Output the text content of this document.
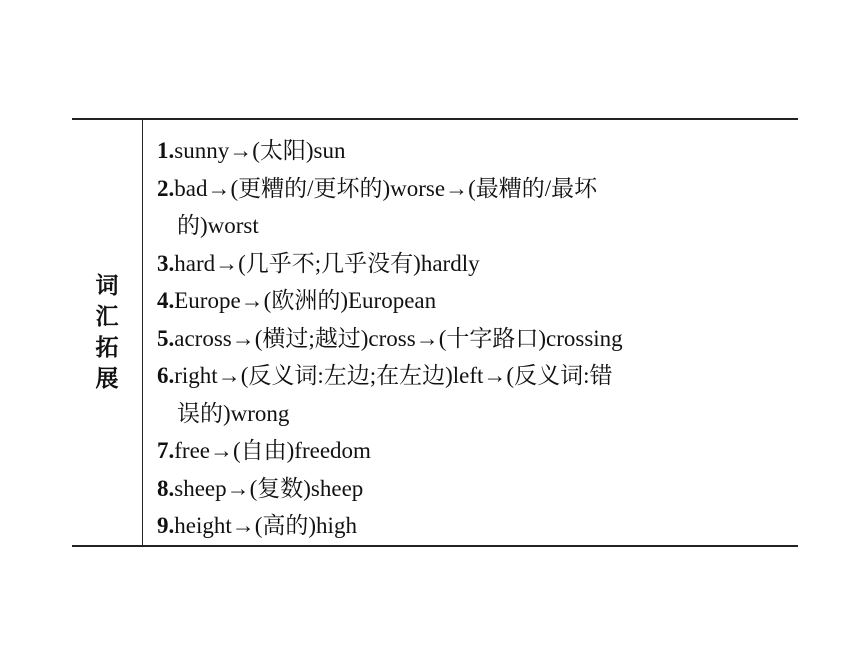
词汇拓展
1.sunny→(太阳)sun
2.bad→(更糟的/更坏的)worse→(最糟的/最坏
的)worst
3.hard→(几乎不;几乎没有)hardly
4.Europe→(欧洲的)European
5.across→(横过;越过)cross→(十字路口)crossing
6.right→(反义词:左边;在左边)left→(反义词:错
误的)wrong
7.free→(自由)freedom
8.sheep→(复数)sheep
9.height→(高的)high
